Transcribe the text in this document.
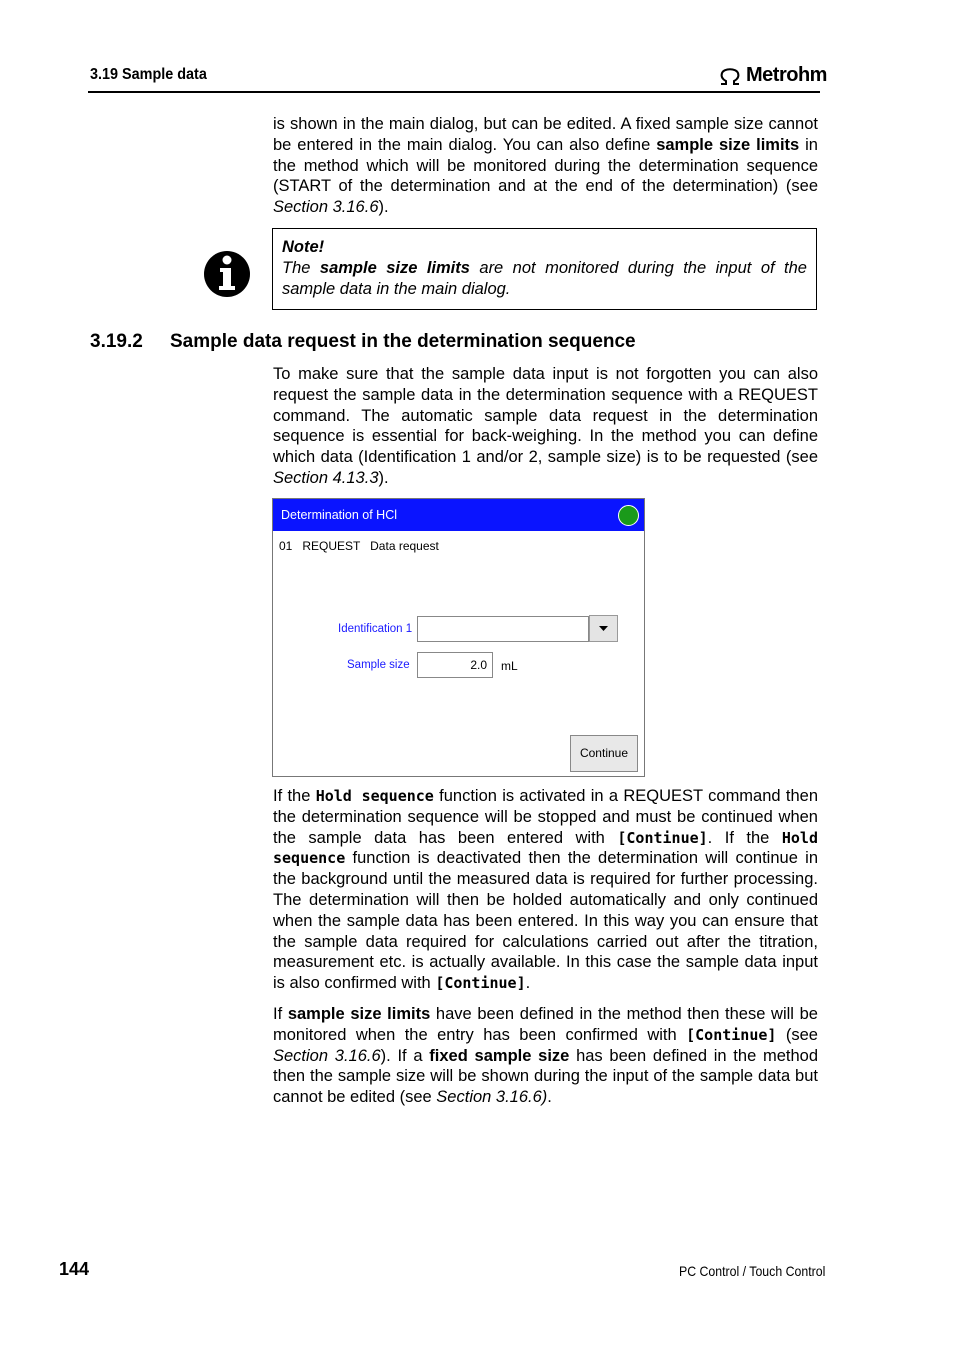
3.19 Sample data	Metrohm
is shown in the main dialog, but can be edited. A fixed sample size cannot be entered in the main dialog. You can also define sample size limits in the method which will be monitored during the determination sequence (START of the determination and at the end of the determination) (see Section 3.16.6).
Note!
The sample size limits are not monitored during the input of the sample data in the main dialog.
3.19.2 Sample data request in the determination sequence
To make sure that the sample data input is not forgotten you can also request the sample data in the determination sequence with a REQUEST command. The automatic sample data request in the determination sequence is essential for back-weighing. In the method you can define which data (Identification 1 and/or 2, sample size) is to be requested (see Section 4.13.3).
Determination of HCl
01   REQUEST   Data request
Identification 1
Sample size	2.0	mL
Continue
If the Hold sequence function is activated in a REQUEST command then the determination sequence will be stopped and must be continued when the sample data has been entered with [Continue]. If the Hold sequence function is deactivated then the determination will continue in the background until the measured data is required for further processing. The determination will then be holded automatically and only continued when the sample data has been entered. In this way you can ensure that the sample data required for calculations carried out after the titration, measurement etc. is actually available. In this case the sample data input is also confirmed with [Continue].
If sample size limits have been defined in the method then these will be monitored when the entry has been confirmed with [Continue] (see Section 3.16.6). If a fixed sample size has been defined in the method then the sample size will be shown during the input of the sample data but cannot be edited (see Section 3.16.6).
144	PC Control / Touch Control
